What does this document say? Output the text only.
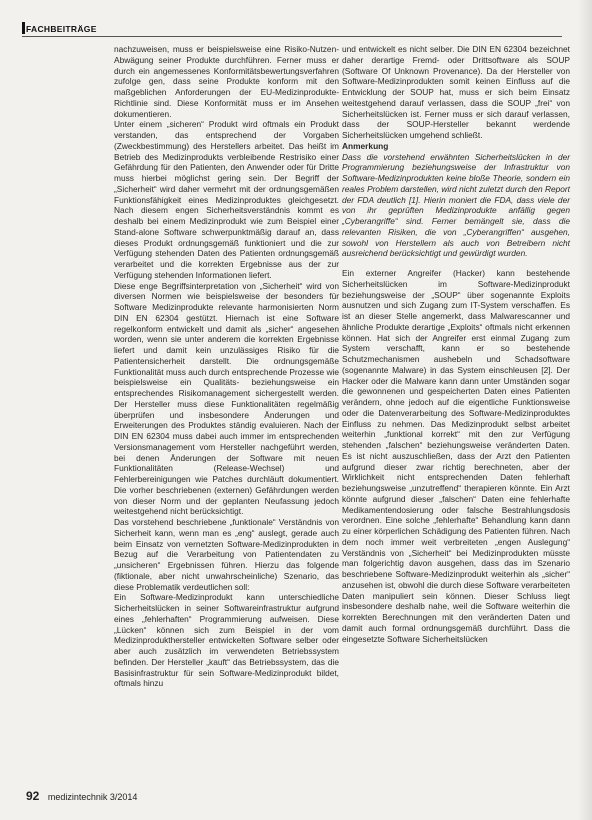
FACHBEITRÄGE

nachzuweisen, muss er beispielsweise eine Risiko-Nutzen-Abwägung seiner Produkte durchführen. Ferner muss er durch ein angemessenes Konformitätsbewertungsverfahren zufolge gen, dass seine Produkte konform mit den maßgeblichen Anforderungen der EU-Medizinprodukte-Richtlinie sind. Diese Konformität muss er im Ansehen dokumentieren.

Unter einem „sicheren“ Produkt wird oftmals ein Produkt verstanden, das entsprechend der Vorgaben (Zweckbestimmung) des Herstellers arbeitet. Das heißt im Betrieb des Medizinprodukts verbleibende Restrisiko einer Gefährdung für den Patienten, den Anwender oder für Dritte muss hierbei möglichst gering sein. Der Begriff der „Sicherheit“ wird daher vermehrt mit der ordnungsgemäßen Funktionsfähigkeit eines Medizinproduktes gleichgesetzt. Nach diesem engen Sicherheitsverständnis kommt es deshalb bei einem Medizinprodukt wie zum Beispiel einer Stand-alone Software schwerpunktmäßig darauf an, dass dieses Produkt ordnungsgemäß funktioniert und die zur Verfügung stehenden Daten des Patienten ordnungsgemäß verarbeitet und die korrekten Ergebnisse aus der zur Verfügung stehenden Informationen liefert.

Diese enge Begriffsinterpretation von „Sicherheit“ wird von diversen Normen wie beispielsweise der besonders für Software Medizinprodukte relevante harmonisierten Norm DIN EN 62304 gestützt. Hiernach ist eine Software regelkonform entwickelt und damit als „sicher“ angesehen worden, wenn sie unter anderem die korrekten Ergebnisse liefert und damit kein unzulässiges Risiko für die Patientensicherheit darstellt. Die ordnungsgemäße Funktionalität muss auch durch entsprechende Prozesse wie beispielsweise ein Qualitäts- beziehungsweise ein entsprechendes Risikomanagement sichergestellt werden. Der Hersteller muss diese Funktionalitäten regelmäßig überprüfen und insbesondere Änderungen und Erweiterungen des Produktes ständig evaluieren. Nach der DIN EN 62304 muss dabei auch immer im entsprechenden Versionsmanagement vom Hersteller nachgeführt werden, bei denen Änderungen der Software mit neuen Funktionalitäten (Release-Wechsel) und Fehlerbereinigungen wie Patches durchläuft dokumentiert. Die vorher beschriebenen (externen) Gefährdungen werden von dieser Norm und der geplanten Neufassung jedoch weitestgehend nicht berücksichtigt.

Das vorstehend beschriebene „funktionale“ Verständnis von Sicherheit kann, wenn man es „eng“ auslegt, gerade auch beim Einsatz von vernetzten Software-Medizinprodukten in Bezug auf die Verarbeitung von Patientendaten zu „unsicheren“ Ergebnissen führen. Hierzu das folgende (fiktionale, aber nicht unwahrscheinliche) Szenario, das diese Problematik verdeutlichen soll:

Ein Software-Medizinprodukt kann unterschiedliche Sicherheitslücken in seiner Softwareinfrastruktur aufgrund eines „fehlerhaften“ Programmierung aufweisen. Diese „Lücken“ können sich zum Beispiel in der vom Medizinprodukthersteller entwickelten Software selber oder aber auch zusätzlich im verwendeten Betriebssystem befinden. Der Hersteller „kauft“ das Betriebssystem, das die Basisinfrastruktur für sein Software-Medizinprodukt bildet, oftmals hinzu

und entwickelt es nicht selber. Die DIN EN 62304 bezeichnet daher derartige Fremd- oder Drittsoftware als SOUP (Software Of Unknown Provenance). Da der Hersteller von Software-Medizinprodukten somit keinen Einfluss auf die Entwicklung der SOUP hat, muss er sich beim Einsatz weitestgehend darauf verlassen, dass die SOUP „frei“ von Sicherheitslücken ist. Ferner muss er sich darauf verlassen, dass der SOUP-Hersteller bekannt werdende Sicherheitslücken umgehend schließt.

Anmerkung

Dass die vorstehend erwähnten Sicherheitslücken in der Programmierung beziehungsweise der Infrastruktur von Software-Medizinprodukten keine bloße Theorie, sondern ein reales Problem darstellen, wird nicht zuletzt durch den Report der FDA deutlich [1]. Hierin moniert die FDA, dass viele der von ihr geprüften Medizinprodukte anfällig gegen „Cyberangriffe“ sind. Ferner bemängelt sie, dass die relevanten Risiken, die von „Cyberangriffen“ ausgehen, sowohl von Herstellern als auch von Betreibern nicht ausreichend berücksichtigt und gewürdigt wurden.

Ein externer Angreifer (Hacker) kann bestehende Sicherheitslücken im Software-Medizinprodukt beziehungsweise der „SOUP“ über sogenannte Exploits ausnutzen und sich Zugang zum IT-System verschaffen. Es ist an dieser Stelle angemerkt, dass Malwarescanner und ähnliche Produkte derartige „Exploits“ oftmals nicht erkennen können. Hat sich der Angreifer erst einmal Zugang zum System verschafft, kann er so bestehende Schutzmechanismen aushebeln und Schadsoftware (sogenannte Malware) in das System einschleusen [2]. Der Hacker oder die Malware kann dann unter Umständen sogar die gewonnenen und gespeicherten Daten eines Patienten verändern, ohne jedoch auf die eigentliche Funktionsweise oder die Datenverarbeitung des Software-Medizinproduktes Einfluss zu nehmen. Das Medizinprodukt selbst arbeitet weiterhin „funktional korrekt“ mit den zur Verfügung stehenden „falschen“ beziehungsweise veränderten Daten. Es ist nicht auszuschließen, dass der Arzt den Patienten aufgrund dieser zwar richtig berechneten, aber der Wirklichkeit nicht entsprechenden Daten fehlerhaft beziehungsweise „unzutreffend“ therapieren könnte. Ein Arzt könnte aufgrund dieser „falschen“ Daten eine fehlerhafte Medikamentendosierung oder falsche Bestrahlungsdosis verordnen. Eine solche „fehlerhafte“ Behandlung kann dann zu einer körperlichen Schädigung des Patienten führen. Nach dem noch immer weit verbreiteten „engen Auslegung“ Verständnis von „Sicherheit“ bei Medizinprodukten müsste man folgerichtig davon ausgehen, dass das im Szenario beschriebene Software-Medizinprodukt weiterhin als „sicher“ anzusehen ist, obwohl die durch diese Software verarbeiteten Daten manipuliert sein können. Dieser Schluss liegt insbesondere deshalb nahe, weil die Software weiterhin die korrekten Berechnungen mit den veränderten Daten und damit auch formal ordnungsgemäß durchführt. Dass die eingesetzte Software Sicherheitslücken

92 medizintechnik 3/2014
